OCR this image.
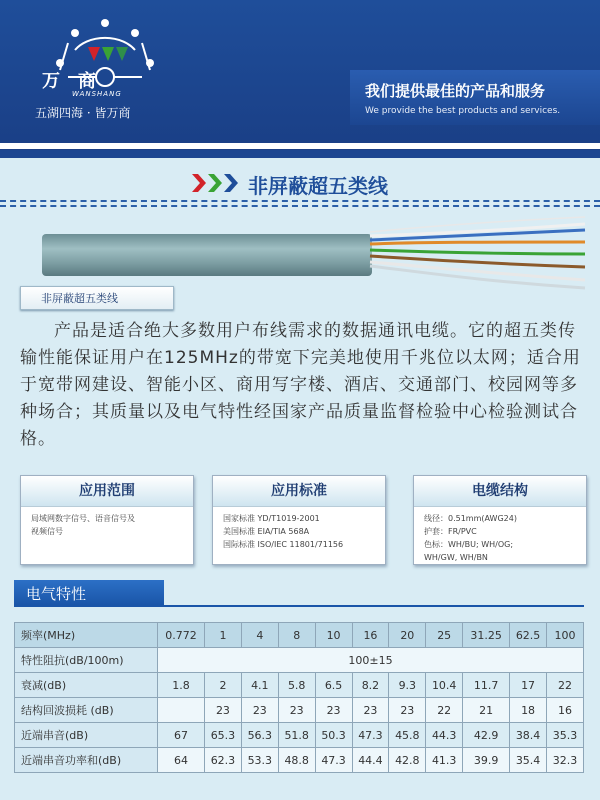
万商
WANSHANG
五湖四海 · 皆万商
我们提供最佳的产品和服务
We provide the best products and services.
非屏蔽超五类线
非屏蔽超五类线
产品是适合绝大多数用户布线需求的数据通讯电缆。它的超五类传输性能保证用户在125MHz的带宽下完美地使用千兆位以太网；适合用于宽带网建设、智能小区、商用写字楼、酒店、交通部门、校园网等多种场合；其质量以及电气特性经国家产品质量监督检验中心检验测试合格。
应用范围
局域网数字信号、语音信号及
视频信号
应用标准
国家标准 YD/T1019-2001
美国标准 EIA/TIA 568A
国际标准 ISO/IEC 11801/71156
电缆结构
线径：0.51mm(AWG24)
护套：FR/PVC
色标：WH/BU; WH/OG;
WH/GW, WH/BN
电气特性
频率(MHz)	0.772	1	4	8	10	16	20	25	31.25	62.5	100
特性阻抗(dB/100m)	100±15										
衰减(dB)	1.8	2	4.1	5.8	6.5	8.2	9.3	10.4	11.7	17	22
结构回波损耗 (dB)		23	23	23	23	23	23	22	21	18	16
近端串音(dB)	67	65.3	56.3	51.8	50.3	47.3	45.8	44.3	42.9	38.4	35.3
近端串音功率和(dB)	64	62.3	53.3	48.8	47.3	44.4	42.8	41.3	39.9	35.4	32.3
